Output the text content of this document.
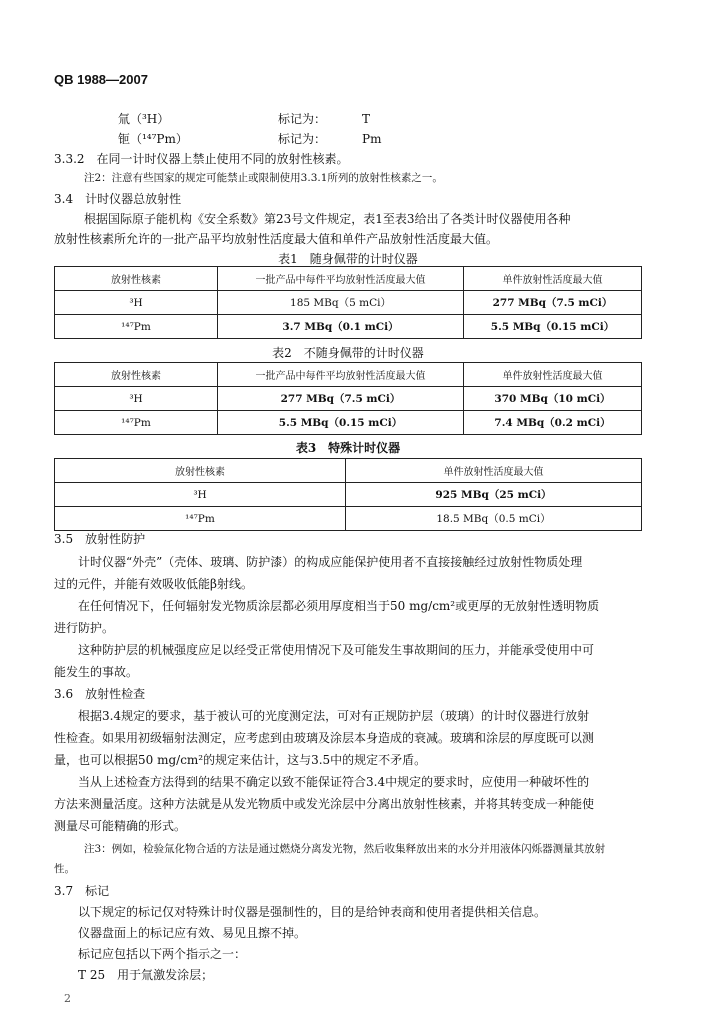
QB 1988—2007
氚（³H）	标记为：	T
钷（¹⁴⁷Pm）	标记为：	Pm
3.3.2　在同一计时仪器上禁止使用不同的放射性核素。
注2：注意有些国家的规定可能禁止或限制使用3.3.1所列的放射性核素之一。
3.4　计时仪器总放射性
根据国际原子能机构《安全系数》第23号文件规定，表1至表3给出了各类计时仪器使用各种
放射性核素所允许的一批产品平均放射性活度最大值和单件产品放射性活度最大值。
表1　随身佩带的计时仪器
放射性核素	一批产品中每件平均放射性活度最大值	单件放射性活度最大值
³H	185 MBq（5 mCi）	277 MBq（7.5 mCi）
¹⁴⁷Pm	3.7 MBq（0.1 mCi）	5.5 MBq（0.15 mCi）
表2　不随身佩带的计时仪器
放射性核素	一批产品中每件平均放射性活度最大值	单件放射性活度最大值
³H	277 MBq（7.5 mCi）	370 MBq（10 mCi）
¹⁴⁷Pm	5.5 MBq（0.15 mCi）	7.4 MBq（0.2 mCi）
表3　特殊计时仪器
放射性核素	单件放射性活度最大值
³H	925 MBq（25 mCi）
¹⁴⁷Pm	18.5 MBq（0.5 mCi）
3.5　放射性防护
　　计时仪器“外壳”（壳体、玻璃、防护漆）的构成应能保护使用者不直接接触经过放射性物质处理
过的元件，并能有效吸收低能β射线。
　　在任何情况下，任何辐射发光物质涂层都必须用厚度相当于50 mg/cm²或更厚的无放射性透明物质
进行防护。
　　这种防护层的机械强度应足以经受正常使用情况下及可能发生事故期间的压力，并能承受使用中可
能发生的事故。
3.6　放射性检查
　　根据3.4规定的要求，基于被认可的光度测定法，可对有正规防护层（玻璃）的计时仪器进行放射
性检查。如果用初级辐射法测定，应考虑到由玻璃及涂层本身造成的衰减。玻璃和涂层的厚度既可以测
量，也可以根据50 mg/cm²的规定来估计，这与3.5中的规定不矛盾。
　　当从上述检查方法得到的结果不确定以致不能保证符合3.4中规定的要求时，应使用一种破坏性的
方法来测量活度。这种方法就是从发光物质中或发光涂层中分离出放射性核素，并将其转变成一种能使
测量尽可能精确的形式。
注3：例如，检验氚化物合适的方法是通过燃烧分离发光物，然后收集释放出来的水分并用液体闪烁器测量其放射
性。
3.7　标记
　　以下规定的标记仅对特殊计时仪器是强制性的，目的是给钟表商和使用者提供相关信息。
　　仪器盘面上的标记应有效、易见且擦不掉。
　　标记应包括以下两个指示之一：
　　T 25　用于氚激发涂层；
2
